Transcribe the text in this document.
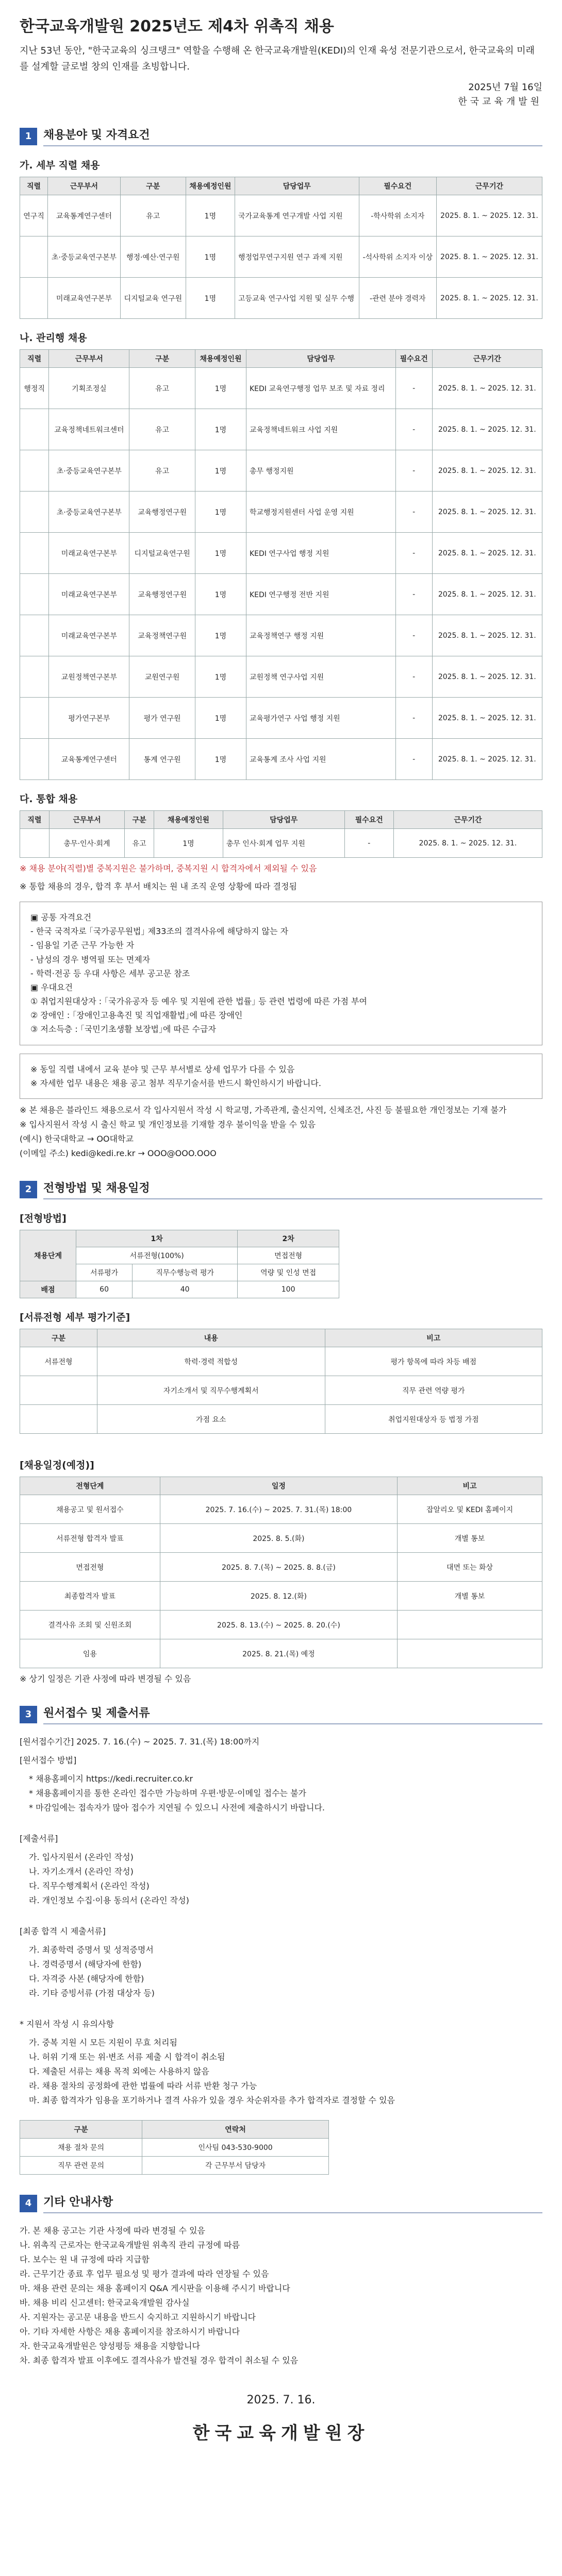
한국교육개발원 2025년도 제4차 위촉직 채용
지난 53년 동안, "한국교육의 싱크탱크" 역할을 수행해 온 한국교육개발원(KEDI)의 인재 육성 전문기관으로서, 한국교육의 미래를 설계할 글로벌 창의 인재를 초빙합니다.
2025년 7월 16일
한국교육개발원
1	채용분야 및 자격요건
가. 세부 직렬 채용
직렬	근무부서	구분	채용예정인원	담당업무	필수요건	근무기간
연구직	교육통계연구센터	유고	1명	국가교육통계 연구개발 사업 지원	-학사학위 소지자	2025. 8. 1. ~ 2025. 12. 31.
	초·중등교육연구본부	행정·예산·연구원	1명	행정업무연구지원 연구 과제 지원	-석사학위 소지자 이상	2025. 8. 1. ~ 2025. 12. 31.
	미래교육연구본부	디지털교육 연구원	1명	고등교육 연구사업 지원 및 실무 수행	-관련 분야 경력자	2025. 8. 1. ~ 2025. 12. 31.
나. 관리행 채용
직렬	근무부서	구분	채용예정인원	담당업무	필수요건	근무기간
행정직	기획조정실	유고	1명	KEDI 교육연구행정 업무 보조 및 자료 정리	-	2025. 8. 1. ~ 2025. 12. 31.
	교육정책네트워크센터	유고	1명	교육정책네트워크 사업 지원	-	2025. 8. 1. ~ 2025. 12. 31.
	초·중등교육연구본부	유고	1명	총무 행정지원	-	2025. 8. 1. ~ 2025. 12. 31.
	초·중등교육연구본부	교육행정연구원	1명	학교행정지원센터 사업 운영 지원	-	2025. 8. 1. ~ 2025. 12. 31.
	미래교육연구본부	디지털교육연구원	1명	KEDI 연구사업 행정 지원	-	2025. 8. 1. ~ 2025. 12. 31.
	미래교육연구본부	교육행정연구원	1명	KEDI 연구행정 전반 지원	-	2025. 8. 1. ~ 2025. 12. 31.
	미래교육연구본부	교육정책연구원	1명	교육정책연구 행정 지원	-	2025. 8. 1. ~ 2025. 12. 31.
	교원정책연구본부	교원연구원	1명	교원정책 연구사업 지원	-	2025. 8. 1. ~ 2025. 12. 31.
	평가연구본부	평가 연구원	1명	교육평가연구 사업 행정 지원	-	2025. 8. 1. ~ 2025. 12. 31.
	교육통계연구센터	통계 연구원	1명	교육통계 조사 사업 지원	-	2025. 8. 1. ~ 2025. 12. 31.
다. 통합 채용
직렬	근무부서	구분	채용예정인원	담당업무	필수요건	근무기간
	총무·인사·회계	유고	1명	총무 인사·회계 업무 지원	-	2025. 8. 1. ~ 2025. 12. 31.
※ 채용 분야(직렬)별 중복지원은 불가하며, 중복지원 시 합격자에서 제외될 수 있음
※ 통합 채용의 경우, 합격 후 부서 배치는 원 내 조직 운영 상황에 따라 결정됨
▣ 공통 자격요건
- 한국 국적자로 ｢국가공무원법｣ 제33조의 결격사유에 해당하지 않는 자
- 임용일 기준 근무 가능한 자
- 남성의 경우 병역필 또는 면제자
- 학력·전공 등 우대 사항은 세부 공고문 참조
▣ 우대요건
① 취업지원대상자 : ｢국가유공자 등 예우 및 지원에 관한 법률｣ 등 관련 법령에 따른 가점 부여
② 장애인 : ｢장애인고용촉진 및 직업재활법｣에 따른 장애인
③ 저소득층 : ｢국민기초생활 보장법｣에 따른 수급자
※ 동일 직렬 내에서 교육 분야 및 근무 부서별로 상세 업무가 다를 수 있음
※ 자세한 업무 내용은 채용 공고 첨부 직무기술서를 반드시 확인하시기 바랍니다.
※ 본 채용은 블라인드 채용으로서 각 입사지원서 작성 시 학교명, 가족관계, 출신지역, 신체조건, 사진 등 불필요한 개인정보는 기재 불가
※ 입사지원서 작성 시 출신 학교 및 개인정보를 기재할 경우 불이익을 받을 수 있음
(예시) 한국대학교 → OO대학교
(이메일 주소) kedi@kedi.re.kr → OOO@OOO.OOO
2	전형방법 및 채용일정
[전형방법]
채용단계	1차		2차
	서류전형(100%)		면접전형
	서류평가	직무수행능력 평가	역량 및 인성 면접
배점	60	40	100
[서류전형 세부 평가기준]
구분	내용	비고
서류전형	학력·경력 적합성	평가 항목에 따라 차등 배점
	자기소개서 및 직무수행계획서	직무 관련 역량 평가
	가점 요소	취업지원대상자 등 법정 가점
[채용일정(예정)]
전형단계	일정	비고
채용공고 및 원서접수	2025. 7. 16.(수) ~ 2025. 7. 31.(목) 18:00	잡알리오 및 KEDI 홈페이지
서류전형 합격자 발표	2025. 8. 5.(화)	개별 통보
면접전형	2025. 8. 7.(목) ~ 2025. 8. 8.(금)	대면 또는 화상
최종합격자 발표	2025. 8. 12.(화)	개별 통보
결격사유 조회 및 신원조회	2025. 8. 13.(수) ~ 2025. 8. 20.(수)	
임용	2025. 8. 21.(목) 예정	
※ 상기 일정은 기관 사정에 따라 변경될 수 있음
3	원서접수 및 제출서류
[원서접수기간] 2025. 7. 16.(수) ~ 2025. 7. 31.(목) 18:00까지
[원서접수 방법]
* 채용홈페이지 https://kedi.recruiter.co.kr
* 채용홈페이지를 통한 온라인 접수만 가능하며 우편·방문·이메일 접수는 불가
* 마감일에는 접속자가 많아 접수가 지연될 수 있으니 사전에 제출하시기 바랍니다.
[제출서류]
가. 입사지원서 (온라인 작성)
나. 자기소개서 (온라인 작성)
다. 직무수행계획서 (온라인 작성)
라. 개인정보 수집·이용 동의서 (온라인 작성)
[최종 합격 시 제출서류]
가. 최종학력 증명서 및 성적증명서
나. 경력증명서 (해당자에 한함)
다. 자격증 사본 (해당자에 한함)
라. 기타 증빙서류 (가점 대상자 등)
* 지원서 작성 시 유의사항
가. 중복 지원 시 모든 지원이 무효 처리됨
나. 허위 기재 또는 위·변조 서류 제출 시 합격이 취소됨
다. 제출된 서류는 채용 목적 외에는 사용하지 않음
라. 채용 절차의 공정화에 관한 법률에 따라 서류 반환 청구 가능
마. 최종 합격자가 임용을 포기하거나 결격 사유가 있을 경우 차순위자를 추가 합격자로 결정할 수 있음
구분	연락처
채용 절차 문의	인사팀 043-530-9000
직무 관련 문의	각 근무부서 담당자
4	기타 안내사항
가. 본 채용 공고는 기관 사정에 따라 변경될 수 있음
나. 위촉직 근로자는 한국교육개발원 위촉직 관리 규정에 따름
다. 보수는 원 내 규정에 따라 지급함
라. 근무기간 종료 후 업무 필요성 및 평가 결과에 따라 연장될 수 있음
마. 채용 관련 문의는 채용 홈페이지 Q&A 게시판을 이용해 주시기 바랍니다
바. 채용 비리 신고센터: 한국교육개발원 감사실
사. 지원자는 공고문 내용을 반드시 숙지하고 지원하시기 바랍니다
아. 기타 자세한 사항은 채용 홈페이지를 참조하시기 바랍니다
자. 한국교육개발원은 양성평등 채용을 지향합니다
차. 최종 합격자 발표 이후에도 결격사유가 발견될 경우 합격이 취소될 수 있음
2025. 7. 16.
한국교육개발원장
